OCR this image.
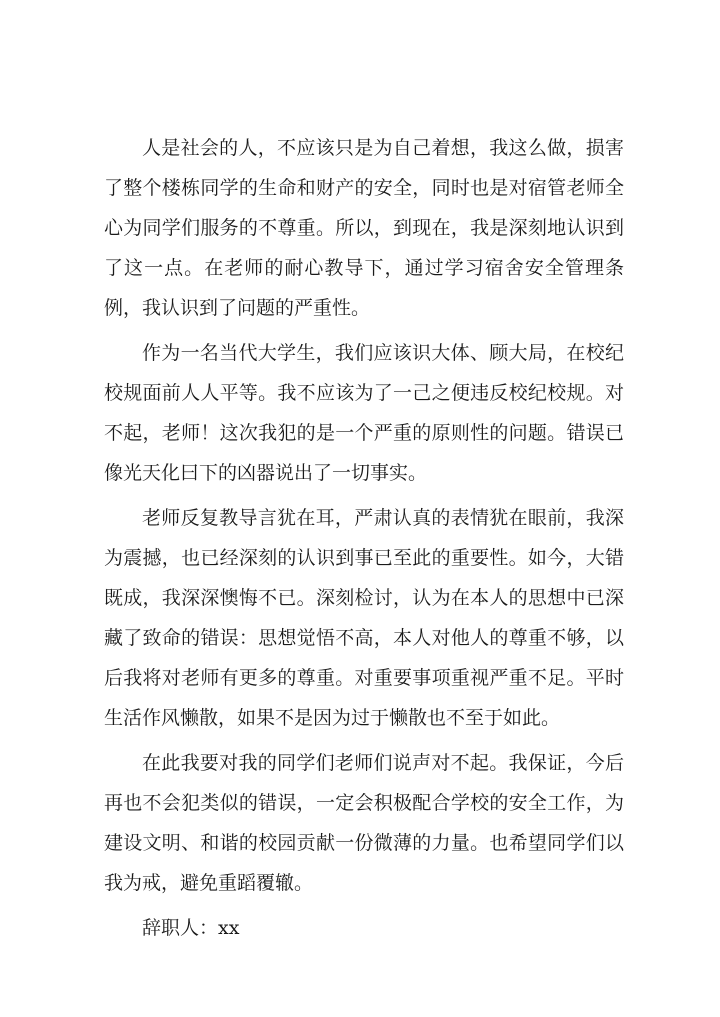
人是社会的人，不应该只是为自己着想，我这么做，损害了整个楼栋同学的生命和财产的安全，同时也是对宿管老师全心为同学们服务的不尊重。所以，到现在，我是深刻地认识到了这一点。在老师的耐心教导下，通过学习宿舍安全管理条例，我认识到了问题的严重性。

作为一名当代大学生，我们应该识大体、顾大局，在校纪校规面前人人平等。我不应该为了一己之便违反校纪校规。对不起，老师！这次我犯的是一个严重的原则性的问题。错误已像光天化曰下的凶器说出了一切事实。

老师反复教导言犹在耳，严肃认真的表情犹在眼前，我深为震撼，也已经深刻的认识到事已至此的重要性。如今，大错既成，我深深懊悔不已。深刻检讨，认为在本人的思想中已深藏了致命的错误：思想觉悟不高，本人对他人的尊重不够，以后我将对老师有更多的尊重。对重要事项重视严重不足。平时生活作风懒散，如果不是因为过于懒散也不至于如此。

在此我要对我的同学们老师们说声对不起。我保证，今后再也不会犯类似的错误，一定会积极配合学校的安全工作，为建设文明、和谐的校园贡献一份微薄的力量。也希望同学们以我为戒，避免重蹈覆辙。

辞职人：xx
